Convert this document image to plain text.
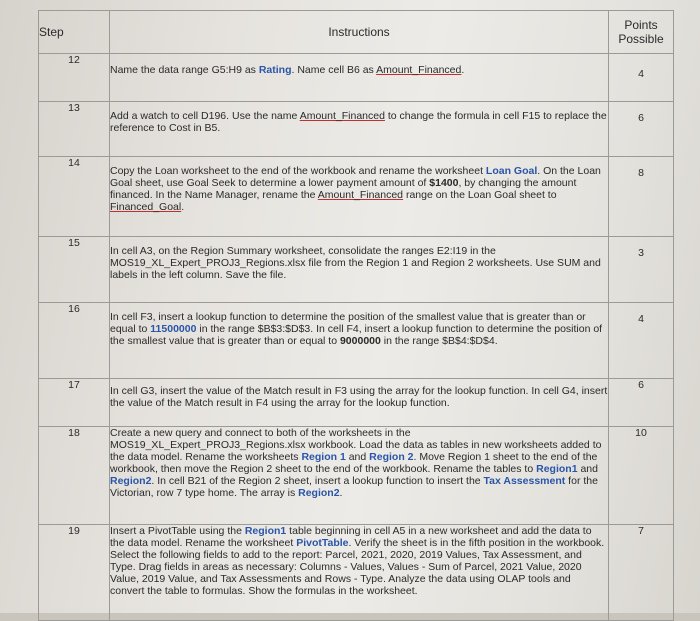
Step	Instructions	Points Possible
12	Name the data range G5:H9 as Rating. Name cell B6 as Amount_Financed.	4
13	Add a watch to cell D196. Use the name Amount_Financed to change the formula in cell F15 to replace the reference to Cost in B5.	6
14	Copy the Loan worksheet to the end of the workbook and rename the worksheet Loan Goal. On the Loan Goal sheet, use Goal Seek to determine a lower payment amount of $1400, by changing the amount financed. In the Name Manager, rename the Amount_Financed range on the Loan Goal sheet to Financed_Goal.	8
15	In cell A3, on the Region Summary worksheet, consolidate the ranges E2:I19 in the MOS19_XL_Expert_PROJ3_Regions.xlsx file from the Region 1 and Region 2 worksheets. Use SUM and labels in the left column. Save the file.	3
16	In cell F3, insert a lookup function to determine the position of the smallest value that is greater than or equal to 11500000 in the range $B$3:$D$3. In cell F4, insert a lookup function to determine the position of the smallest value that is greater than or equal to 9000000 in the range $B$4:$D$4.	4
17	In cell G3, insert the value of the Match result in F3 using the array for the lookup function. In cell G4, insert the value of the Match result in F4 using the array for the lookup function.	6
18	Create a new query and connect to both of the worksheets in the MOS19_XL_Expert_PROJ3_Regions.xlsx workbook. Load the data as tables in new worksheets added to the data model. Rename the worksheets Region 1 and Region 2. Move Region 1 sheet to the end of the workbook, then move the Region 2 sheet to the end of the workbook. Rename the tables to Region1 and Region2. In cell B21 of the Region 2 sheet, insert a lookup function to insert the Tax Assessment for the Victorian, row 7 type home. The array is Region2.	10
19	Insert a PivotTable using the Region1 table beginning in cell A5 in a new worksheet and add the data to the data model. Rename the worksheet PivotTable. Verify the sheet is in the fifth position in the workbook. Select the following fields to add to the report: Parcel, 2021, 2020, 2019 Values, Tax Assessment, and Type. Drag fields in areas as necessary: Columns - Values, Values - Sum of Parcel, 2021 Value, 2020 Value, 2019 Value, and Tax Assessments and Rows - Type. Analyze the data using OLAP tools and convert the table to formulas. Show the formulas in the worksheet.	7
